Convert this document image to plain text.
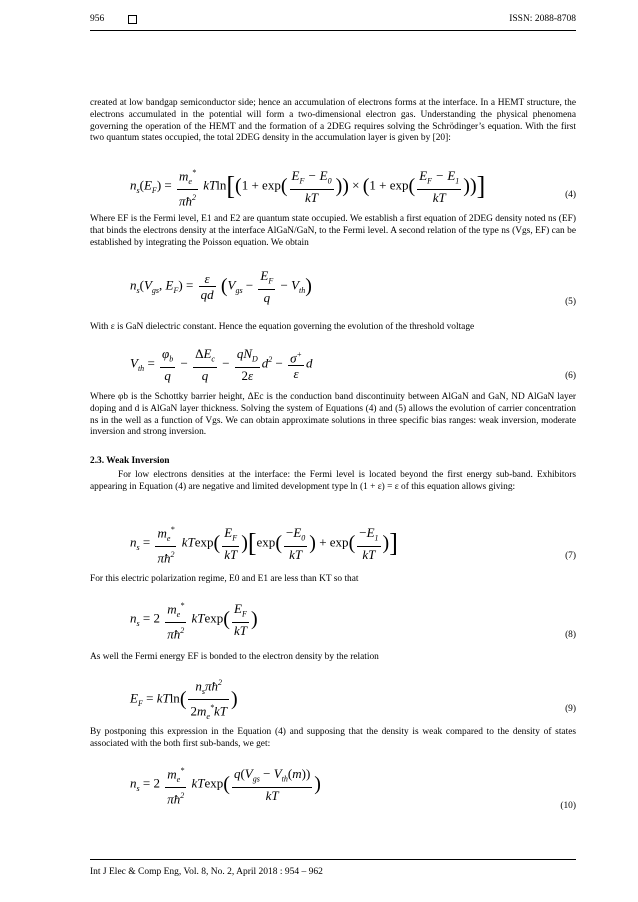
956	ISSN: 2088-8708

created at low bandgap semiconductor side; hence an accumulation of electrons forms at the interface. In a HEMT structure, the electrons accumulated in the potential will form a two-dimensional electron gas. Understanding the physical phenomena governing the operation of the HEMT and the formation of a 2DEG requires solving the Schrödinger’s equation. With the first two quantum states occupied, the total 2DEG density in the accumulation layer is given by [20]:

$n_s(E_F) = \frac{m_e^*}{\pi ħ^2} kTln[(1 + \exp( \frac{E_F - E_0}{kT}$ )) × ($1 + \exp( \frac{E_F - E_1}{kT}$ ))]	(4)

Where EF is the Fermi level, E1 and E2 are quantum state occupied. We establish a first equation of 2DEG density noted ns (EF) that binds the electrons density at the interface AlGaN/GaN, to the Fermi level. A second relation of the type ns (Vgs, EF) can be established by integrating the Poisson equation. We obtain

$n_s(V_{gs}$, $E_F) = \frac{\varepsilon}{qd} (V_{gs} - \frac{E_F}{q} - V_{th})$
(5)

With ε is GaN dielectric constant. Hence the equation governing the evolution of the threshold voltage

$V_{th} = \frac{\varphi_b}{q} - \frac{\Delta E_c}{q} - \frac{qN_D}{2\varepsilon} d^2 - \frac{\sigma^+}{\varepsilon}$ d
(6)

Where φb is the Schottky barrier height, ΔEc is the conduction band discontinuity between AlGaN and GaN, ND AlGaN layer doping and d is AlGaN layer thickness. Solving the system of Equations (4) and (5) allows the evolution of carrier concentration ns in the well as a function of Vgs. We can obtain approximate solutions in three specific bias ranges: weak inversion, moderate inversion and strong inversion.

2.3. Weak Inversion

For low electrons densities at the interface: the Fermi level is located beyond the first energy sub-band. Exhibitors appearing in Equation (4) are negative and limited development type ln (1 + ε) = ε of this equation allows giving:

$n_s = \frac{m_e^*}{\pi ħ^2} kTexp( \frac{E_F}{kT} )[\exp( \frac{-E_0}{kT}$ ) + $\exp( \frac{-E_1}{kT}$ )]	(7)

For this electric polarization regime, E0 and E1 are less than KT so that

$n_s = 2 \frac{m_e^*}{\pi ħ^2} kTexp( \frac{E_F}{kT}$ )
(8)

As well the Fermi energy EF is bonded to the electron density by the relation

$E_F = kTln( \frac{n_s\pi ħ^2}{2m_e^*kT}$ )	(9)

By postponing this expression in the Equation (4) and supposing that the density is weak compared to the density of states associated with the both first sub-bands, we get:

$n_s = 2 \frac{m_e^*}{\pi ħ^2} kTexp( \frac{q(V_{gs} - V_{th}(m))}{kT}$ )
(10)
Int J Elec & Comp Eng, Vol. 8, No. 2, April 2018 : 954 – 962
